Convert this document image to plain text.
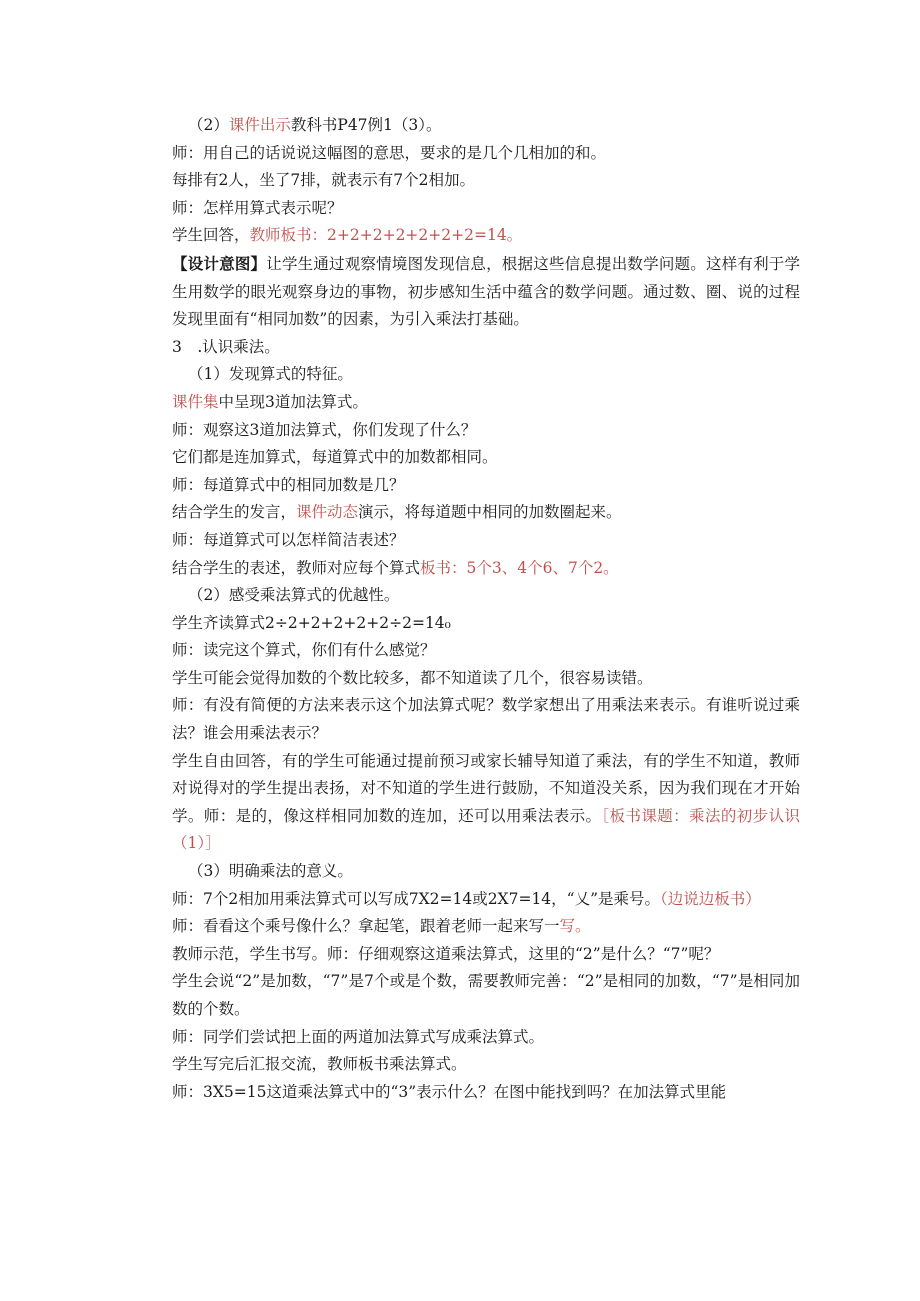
（2）课件出示教科书P47例1（3）。

师：用自己的话说说这幅图的意思，要求的是几个几相加的和。

每排有2人，坐了7排，就表示有7个2相加。

师：怎样用算式表示呢？

学生回答，教师板书：2+2+2+2+2+2+2=14。

【设计意图】让学生通过观察情境图发现信息，根据这些信息提出数学问题。这样有利于学生用数学的眼光观察身边的事物，初步感知生活中蕴含的数学问题。通过数、圈、说的过程发现里面有“相同加数”的因素，为引入乘法打基础。

3　.认识乘法。

（1）发现算式的特征。

课件集中呈现3道加法算式。

师：观察这3道加法算式，你们发现了什么？

它们都是连加算式，每道算式中的加数都相同。

师：每道算式中的相同加数是几？

结合学生的发言，课件动态演示，将每道题中相同的加数圈起来。

师：每道算式可以怎样简洁表述？

结合学生的表述，教师对应每个算式板书：5个3、4个6、7个2。

（2）感受乘法算式的优越性。

学生齐读算式2÷2+2+2+2+2÷2=14₀

师：读完这个算式，你们有什么感觉？

学生可能会觉得加数的个数比较多，都不知道读了几个，很容易读错。

师：有没有简便的方法来表示这个加法算式呢？数学家想出了用乘法来表示。有谁听说过乘法？谁会用乘法表示？

学生自由回答，有的学生可能通过提前预习或家长辅导知道了乘法，有的学生不知道，教师对说得对的学生提出表扬，对不知道的学生进行鼓励，不知道没关系，因为我们现在才开始学。师：是的，像这样相同加数的连加，还可以用乘法表示。［板书课题：乘法的初步认识（1）］

（3）明确乘法的意义。

师：7个2相加用乘法算式可以写成7X2=14或2X7=14，“乂”是乘号。（边说边板书）

师：看看这个乘号像什么？拿起笔，跟着老师一起来写一写。

教师示范，学生书写。师：仔细观察这道乘法算式，这里的“2”是什么？“7”呢？

学生会说“2”是加数，“7”是7个或是个数，需要教师完善：“2”是相同的加数，“7”是相同加数的个数。

师：同学们尝试把上面的两道加法算式写成乘法算式。

学生写完后汇报交流，教师板书乘法算式。

师：3X5=15这道乘法算式中的“3”表示什么？在图中能找到吗？在加法算式里能
